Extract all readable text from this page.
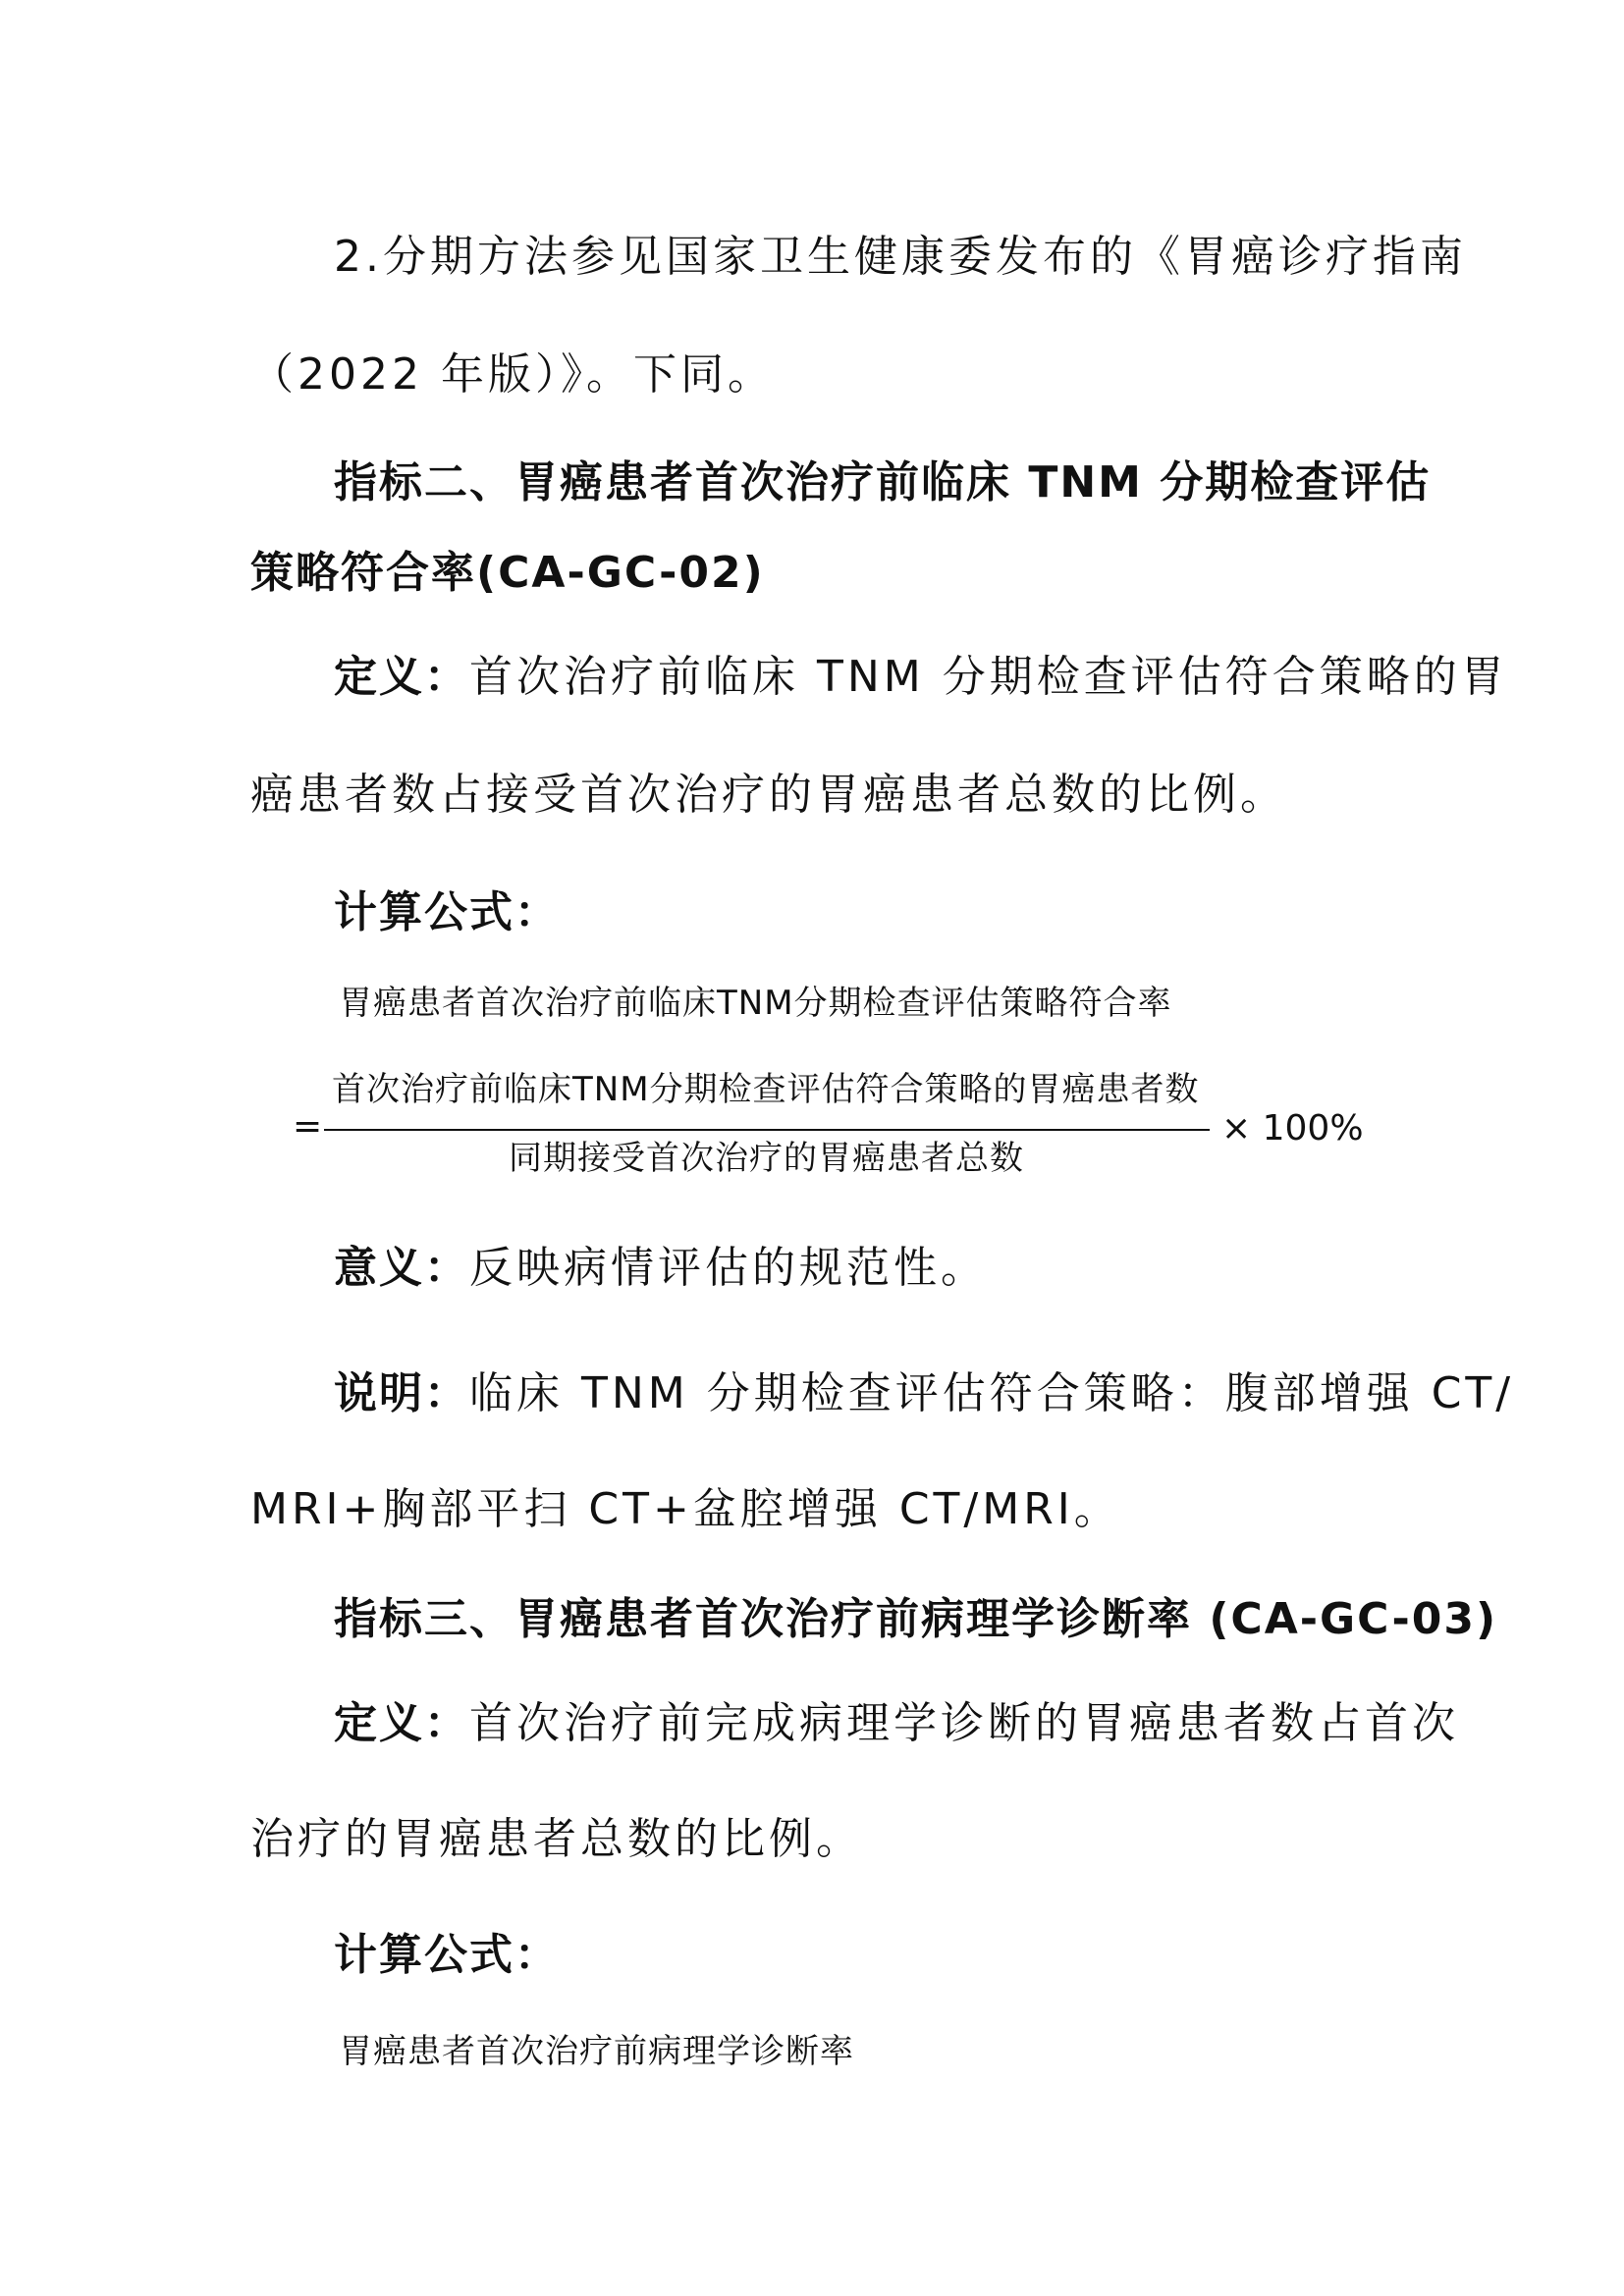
2.分期方法参见国家卫生健康委发布的《胃癌诊疗指南
（2022 年版）》。下同。
指标二、胃癌患者首次治疗前临床 TNM 分期检查评估
策略符合率(CA-GC-02)
定义：首次治疗前临床 TNM 分期检查评估符合策略的胃
癌患者数占接受首次治疗的胃癌患者总数的比例。
计算公式：
胃癌患者首次治疗前临床TNM分期检查评估策略符合率
首次治疗前临床TNM分期检查评估符合策略的胃癌患者数
=	× 100%
同期接受首次治疗的胃癌患者总数
意义：反映病情评估的规范性。
说明：临床 TNM 分期检查评估符合策略：腹部增强 CT/
MRI+胸部平扫 CT+盆腔增强 CT/MRI。
指标三、胃癌患者首次治疗前病理学诊断率 (CA-GC-03)
定义：首次治疗前完成病理学诊断的胃癌患者数占首次
治疗的胃癌患者总数的比例。
计算公式：
胃癌患者首次治疗前病理学诊断率
